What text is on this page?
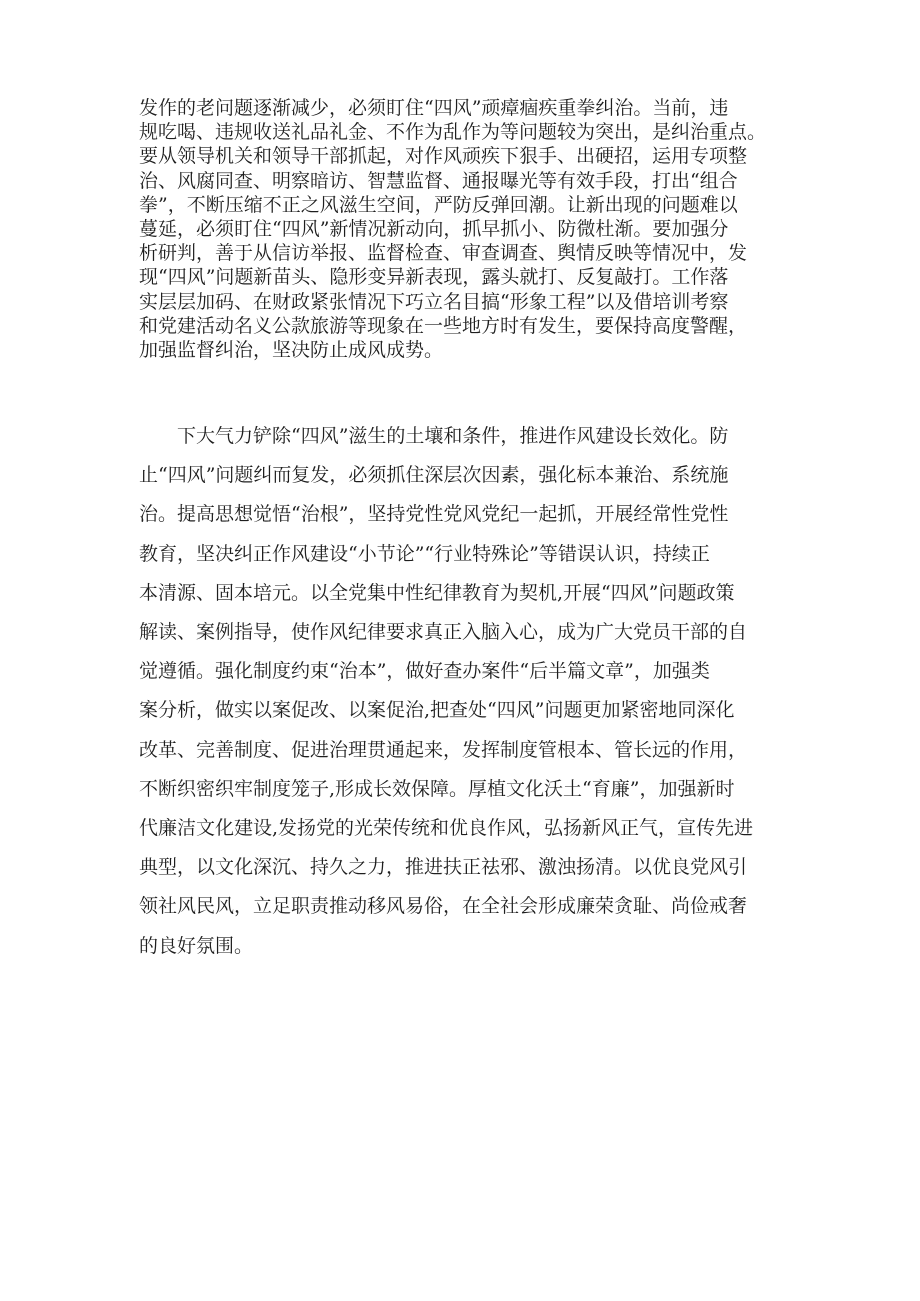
发作的老问题逐渐减少，必须盯住“四风”顽瘴痼疾重拳纠治。当前，违
规吃喝、违规收送礼品礼金、不作为乱作为等问题较为突出，是纠治重点。
要从领导机关和领导干部抓起，对作风顽疾下狠手、出硬招，运用专项整
治、风腐同查、明察暗访、智慧监督、通报曝光等有效手段，打出“组合
拳”，不断压缩不正之风滋生空间，严防反弹回潮。让新出现的问题难以
蔓延，必须盯住“四风”新情况新动向，抓早抓小、防微杜渐。要加强分
析研判，善于从信访举报、监督检查、审查调查、舆情反映等情况中，发
现“四风”问题新苗头、隐形变异新表现，露头就打、反复敲打。工作落
实层层加码、在财政紧张情况下巧立名目搞“形象工程”以及借培训考察
和党建活动名义公款旅游等现象在一些地方时有发生，要保持高度警醒，
加强监督纠治，坚决防止成风成势。

下大气力铲除“四风”滋生的土壤和条件，推进作风建设长效化。防
止“四风”问题纠而复发，必须抓住深层次因素，强化标本兼治、系统施
治。提高思想觉悟“治根”，坚持党性党风党纪一起抓，开展经常性党性
教育，坚决纠正作风建设“小节论”“行业特殊论”等错误认识，持续正
本清源、固本培元。以全党集中性纪律教育为契机,开展“四风”问题政策
解读、案例指导，使作风纪律要求真正入脑入心，成为广大党员干部的自
觉遵循。强化制度约束“治本”，做好查办案件“后半篇文章”，加强类
案分析，做实以案促改、以案促治,把查处“四风”问题更加紧密地同深化
改革、完善制度、促进治理贯通起来，发挥制度管根本、管长远的作用，
不断织密织牢制度笼子,形成长效保障。厚植文化沃土“育廉”，加强新时
代廉洁文化建设,发扬党的光荣传统和优良作风，弘扬新风正气，宣传先进
典型，以文化深沉、持久之力，推进扶正祛邪、激浊扬清。以优良党风引
领社风民风，立足职责推动移风易俗，在全社会形成廉荣贪耻、尚俭戒奢
的良好氛围。
